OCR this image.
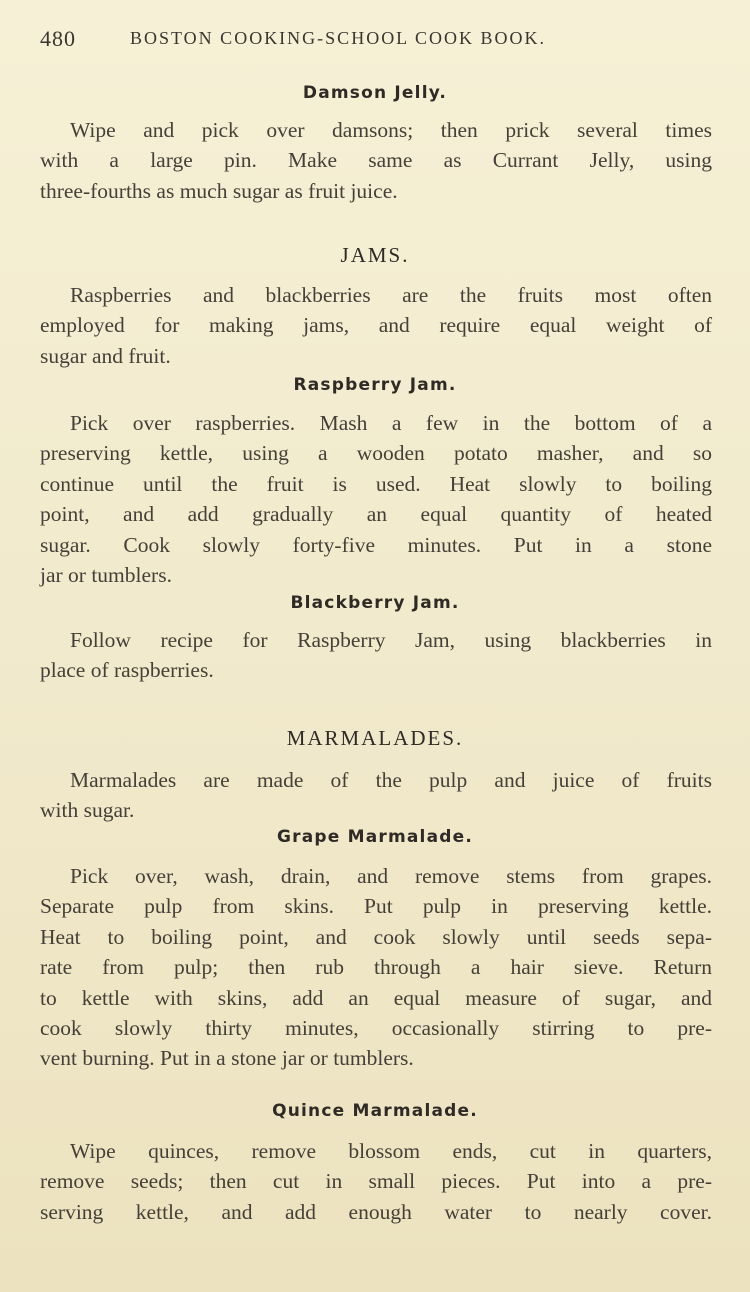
480	BOSTON COOKING-SCHOOL COOK BOOK.
Damson Jelly.

Wipe and pick over damsons; then prick several times
with a large pin. Make same as Currant Jelly, using
three-fourths as much sugar as fruit juice.

JAMS.

Raspberries and blackberries are the fruits most often
employed for making jams, and require equal weight of
sugar and fruit.

Raspberry Jam.

Pick over raspberries. Mash a few in the bottom of a
preserving kettle, using a wooden potato masher, and so
continue until the fruit is used. Heat slowly to boiling
point, and add gradually an equal quantity of heated
sugar. Cook slowly forty-five minutes. Put in a stone
jar or tumblers.

Blackberry Jam.

Follow recipe for Raspberry Jam, using blackberries in
place of raspberries.

MARMALADES.

Marmalades are made of the pulp and juice of fruits
with sugar.

Grape Marmalade.

Pick over, wash, drain, and remove stems from grapes.
Separate pulp from skins. Put pulp in preserving kettle.
Heat to boiling point, and cook slowly until seeds sepa-
rate from pulp; then rub through a hair sieve. Return
to kettle with skins, add an equal measure of sugar, and
cook slowly thirty minutes, occasionally stirring to pre-
vent burning. Put in a stone jar or tumblers.

Quince Marmalade.

Wipe quinces, remove blossom ends, cut in quarters,
remove seeds; then cut in small pieces. Put into a pre-
serving kettle, and add enough water to nearly cover.
